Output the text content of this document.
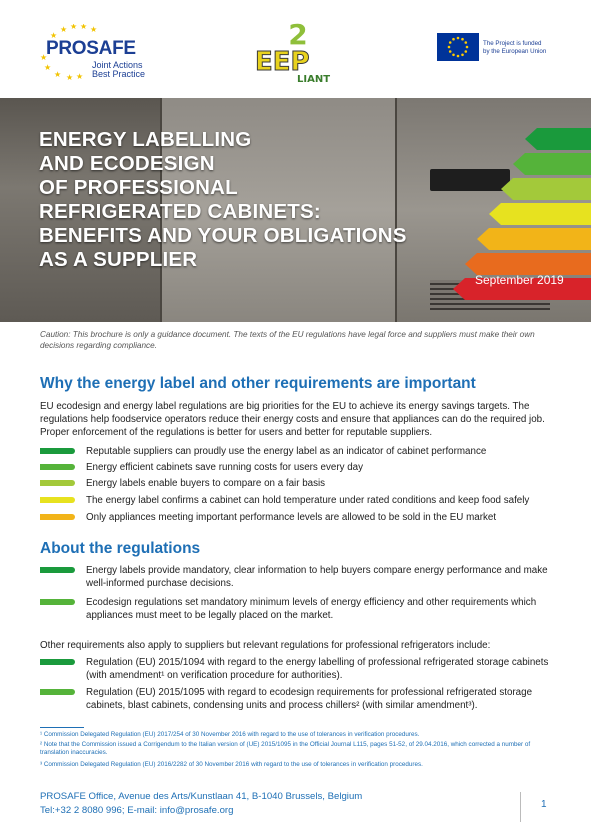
★ ★ ★ ★
★
★
★
★ ★ ★
PROSAFE
Joint Actions
Best Practice
2
EEP
LIANT
The Project is funded
by the European Union
ENERGY LABELLING
AND ECODESIGN
OF PROFESSIONAL
REFRIGERATED CABINETS:
BENEFITS AND YOUR OBLIGATIONS
AS A SUPPLIER
September 2019
Caution: This brochure is only a guidance document. The texts of the EU regulations have legal force and suppliers must make their own decisions regarding compliance.
Why the energy label and other requirements are important
EU ecodesign and energy label regulations are big priorities for the EU to achieve its energy savings targets. The regulations help foodservice operators reduce their energy costs and ensure that appliances can do the required job. Proper enforcement of the regulations is better for users and better for reputable suppliers.
Reputable suppliers can proudly use the energy label as an indicator of cabinet performance
Energy efficient cabinets save running costs for users every day
Energy labels enable buyers to compare on a fair basis
The energy label confirms a cabinet can hold temperature under rated conditions and keep food safely
Only appliances meeting important performance levels are allowed to be sold in the EU market
About the regulations
Energy labels provide mandatory, clear information to help buyers compare energy performance and make well-informed purchase decisions.
Ecodesign regulations set mandatory minimum levels of energy efficiency and other requirements which appliances must meet to be legally placed on the market.
Other requirements also apply to suppliers but relevant regulations for professional refrigerators include:
Regulation (EU) 2015/1094 with regard to the energy labelling of professional refrigerated storage cabinets (with amendment¹ on verification procedure for authorities).
Regulation (EU) 2015/1095 with regard to ecodesign requirements for professional refrigerated storage cabinets, blast cabinets, condensing units and process chillers² (with similar amendment³).
¹ Commission Delegated Regulation (EU) 2017/254 of 30 November 2016 with regard to the use of tolerances in verification procedures.
² Note that the Commission issued a Corrigendum to the Italian version of (UE) 2015/1095 in the Official Journal L115, pages 51-52, of 29.04.2016, which corrected a number of translation inaccuracies.
³ Commission Delegated Regulation (EU) 2016/2282 of 30 November 2016 with regard to the use of tolerances in verification procedures.
PROSAFE Office, Avenue des Arts/Kunstlaan 41, B-1040 Brussels, Belgium
Tel:+32 2 8080 996; E-mail: info@prosafe.org
1
